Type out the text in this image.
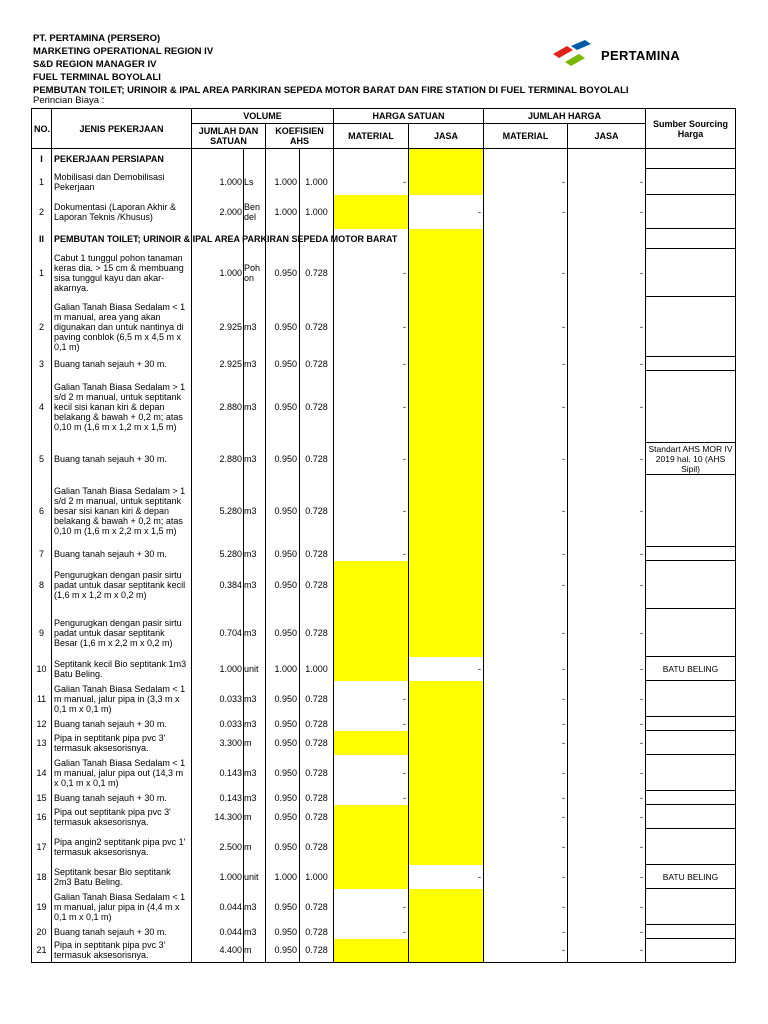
PT. PERTAMINA (PERSERO)
MARKETING OPERATIONAL REGION IV
S&D REGION MANAGER IV
FUEL TERMINAL BOYOLALI
PEMBUTAN TOILET; URINOIR & IPAL AREA PARKIRAN SEPEDA MOTOR BARAT DAN FIRE STATION DI FUEL TERMINAL BOYOLALI
Perincian Biaya :
PERTAMINA
NO.	JENIS PEKERJAAN	VOLUME				HARGA SATUAN		JUMLAH HARGA		Sumber Sourcing Harga
		JUMLAH DAN SATUAN		KOEFISIEN AHS		MATERIAL	JASA	MATERIAL	JASA	
I	PEKERJAAN PERSIAPAN									
1	Mobilisasi dan Demobilisasi Pekerjaan	1.000	Ls	1.000	1.000	-		-	-	
2	Dokumentasi (Laporan Akhir & Laporan Teknis /Khusus)	2.000	Ben del	1.000	1.000		-	-	-	
II	PEMBUTAN TOILET; URINOIR & IPAL AREA PARKIRAN SEPEDA MOTOR BARAT									
1	Cabut 1 tunggul pohon tanaman keras dia. > 15 cm & membuang sisa tunggul kayu dan akar-akarnya.	1.000	Poh on	0.950	0.728	-		-	-	
2	Galian Tanah Biasa Sedalam < 1 m manual, area yang akan digunakan dan untuk nantinya di paving conblok (6,5 m x 4,5 m x 0,1 m)	2.925	m3	0.950	0.728	-		-	-	
3	Buang tanah sejauh + 30 m.	2.925	m3	0.950	0.728	-		-	-	
4	Galian Tanah Biasa Sedalam > 1 s/d 2 m manual, untuk septitank kecil sisi kanan kiri & depan belakang & bawah + 0,2 m; atas 0,10 m (1,6 m x 1,2 m x 1,5 m)	2.880	m3	0.950	0.728	-		-	-	
5	Buang tanah sejauh + 30 m.	2.880	m3	0.950	0.728	-		-	-	Standart AHS MOR IV 2019 hal. 10 (AHS Sipil)
6	Galian Tanah Biasa Sedalam > 1 s/d 2 m manual, untuk septitank besar sisi kanan kiri & depan belakang & bawah + 0,2 m; atas 0,10 m (1,6 m x 2,2 m x 1,5 m)	5.280	m3	0.950	0.728	-		-	-	
7	Buang tanah sejauh + 30 m.	5.280	m3	0.950	0.728	-		-	-	
8	Pengurugkan dengan pasir sirtu padat untuk dasar septitank kecil (1,6 m x 1,2 m x 0,2 m)	0.384	m3	0.950	0.728			-	-	
9	Pengurugkan dengan pasir sirtu padat untuk dasar septitank Besar (1,6 m x 2,2 m x 0,2 m)	0.704	m3	0.950	0.728			-	-	
10	Septitank kecil Bio septitank 1m3 Batu Beling.	1.000	unit	1.000	1.000		-	-	-	BATU BELING
11	Galian Tanah Biasa Sedalam < 1 m manual, jalur pipa in (3,3 m x 0,1 m x 0,1 m)	0.033	m3	0.950	0.728	-		-	-	
12	Buang tanah sejauh + 30 m.	0.033	m3	0.950	0.728	-		-	-	
13	Pipa in septitank pipa pvc 3' termasuk aksesorisnya.	3.300	m	0.950	0.728			-	-	
14	Galian Tanah Biasa Sedalam < 1 m manual, jalur pipa out (14,3 m x 0,1 m x 0,1 m)	0.143	m3	0.950	0.728	-		-	-	
15	Buang tanah sejauh + 30 m.	0.143	m3	0.950	0.728	-		-	-	
16	Pipa out septitank pipa pvc 3' termasuk aksesorisnya.	14.300	m	0.950	0.728			-	-	
17	Pipa angin2 septitank pipa pvc 1' termasuk aksesorisnya.	2.500	m	0.950	0.728			-	-	
18	Septitank besar Bio septitank 2m3 Batu Beling.	1.000	unit	1.000	1.000		-	-	-	BATU BELING
19	Galian Tanah Biasa Sedalam < 1 m manual, jalur pipa in (4,4 m x 0,1 m x 0,1 m)	0.044	m3	0.950	0.728	-		-	-	
20	Buang tanah sejauh + 30 m.	0.044	m3	0.950	0.728	-		-	-	
21	Pipa in septitank pipa pvc 3' termasuk aksesorisnya.	4.400	m	0.950	0.728			-	-	
